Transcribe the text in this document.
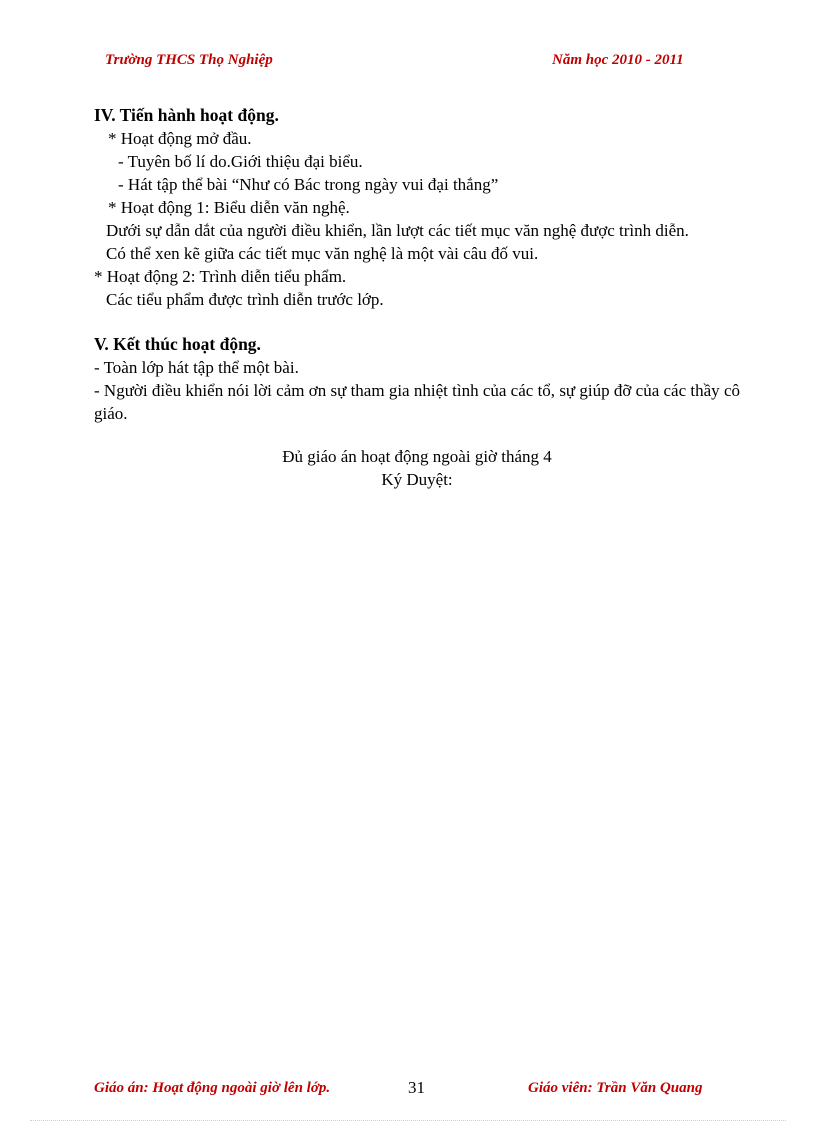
Trường THCS Thọ Nghiệp	Năm học 2010 - 2011
IV. Tiến hành hoạt động.
* Hoạt động mở đầu.
- Tuyên bố lí do.Giới thiệu đại biểu.
- Hát tập thể bài “Như có Bác trong ngày vui đại thắng”
* Hoạt động 1: Biểu diễn văn nghệ.
Dưới sự dẫn dắt của người điều khiển, lần lượt các tiết mục văn nghệ được trình diễn.
Có thể xen kẽ giữa các tiết mục văn nghệ là một vài câu đố vui.
* Hoạt động 2: Trình diễn tiểu phẩm.
Các tiểu phẩm được trình diễn trước lớp.
V. Kết thúc hoạt động.
- Toàn lớp hát tập thể một bài.
- Người điều khiển nói lời cảm ơn sự tham gia nhiệt tình của các tổ, sự giúp đỡ của các thầy cô giáo.
Đủ giáo án hoạt động ngoài giờ tháng 4
Ký Duyệt:
Giáo án: Hoạt động ngoài giờ lên lớp.	31	Giáo viên: Trần Văn Quang
